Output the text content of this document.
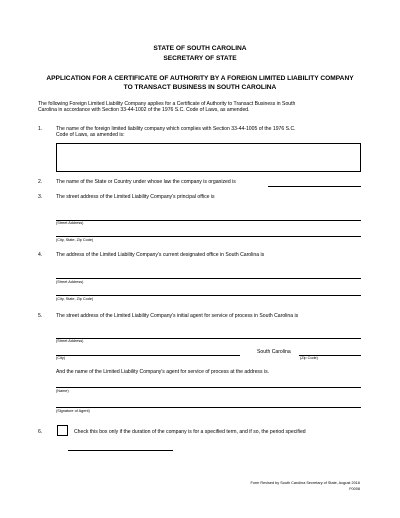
STATE OF SOUTH CAROLINA
SECRETARY OF STATE
APPLICATION FOR A CERTIFICATE OF AUTHORITY BY A FOREIGN LIMITED LIABILITY COMPANY
TO TRANSACT BUSINESS IN SOUTH CAROLINA
The following Foreign Limited Liability Company applies for a Certificate of Authority to Transact Business in South
Carolina in accordance with Section 33-44-1002 of the 1976 S.C. Code of Laws, as amended.
1.	The name of the foreign limited liability company which complies with Section 33-44-1005 of the 1976 S.C.
Code of Laws, as amended is:
2.	The name of the State or Country under whose law the company is organized is
3.	The street address of the Limited Liability Company's principal office is
(Street Address)
(City, State, Zip Code)
4.	The address of the Limited Liability Company's current designated office in South Carolina is
(Street Address)
(City, State, Zip Code)
5.	The street address of the Limited Liability Company's initial agent for service of process in South Carolina is
(Street Address)
South Carolina
(City)	(Zip Code)
And the name of the Limited Liability Company's agent for service of process at the address is.
(Name)
(Signature of Agent)
6.	Check this box only if the duration of the company is for a specified term, and if so, the period specified
Form Revised by South Carolina Secretary of State, August 2016
F0008
